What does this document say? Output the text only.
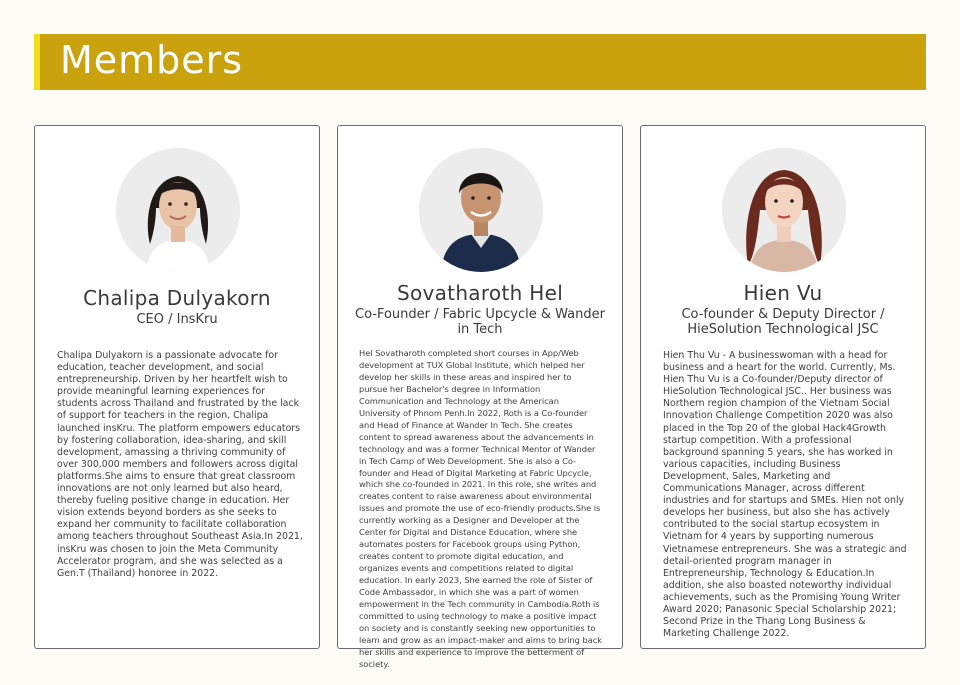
Members
Chalipa Dulyakorn
CEO / InsKru
Chalipa Dulyakorn is a passionate advocate for education, teacher development, and social entrepreneurship. Driven by her heartfelt wish to provide meaningful learning experiences for students across Thailand and frustrated by the lack of support for teachers in the region, Chalipa launched insKru. The platform empowers educators by fostering collaboration, idea-sharing, and skill development, amassing a thriving community of over 300,000 members and followers across digital platforms.She aims to ensure that great classroom innovations are not only learned but also heard, thereby fueling positive change in education. Her vision extends beyond borders as she seeks to expand her community to facilitate collaboration among teachers throughout Southeast Asia.In 2021, insKru was chosen to join the Meta Community Accelerator program, and she was selected as a Gen.T (Thailand) honoree in 2022.
Sovatharoth Hel
Co-Founder / Fabric Upcycle & Wander in Tech
Hel Sovatharoth completed short courses in App/Web development at TUX Global Institute, which helped her develop her skills in these areas and inspired her to pursue her Bachelor's degree in Information Communication and Technology at the American University of Phnom Penh.In 2022, Roth is a Co-founder and Head of Finance at Wander In Tech. She creates content to spread awareness about the advancements in technology and was a former Technical Mentor of Wander in Tech Camp of Web Development. She is also a Co-founder and Head of Digital Marketing at Fabric Upcycle, which she co-founded in 2021. In this role, she writes and creates content to raise awareness about environmental issues and promote the use of eco-friendly products.She is currently working as a Designer and Developer at the Center for Digital and Distance Education, where she automates posters for Facebook groups using Python, creates content to promote digital education, and organizes events and competitions related to digital education. In early 2023, She earned the role of Sister of Code Ambassador, in which she was a part of women empowerment in the Tech community in Cambodia.Roth is committed to using technology to make a positive impact on society and is constantly seeking new opportunities to learn and grow as an impact-maker and aims to bring back her skills and experience to improve the betterment of society.
Hien Vu
Co-founder & Deputy Director / HieSolution Technological JSC
Hien Thu Vu - A businesswoman with a head for business and a heart for the world. Currently, Ms. Hien Thu Vu is a Co-founder/Deputy director of HieSolution Technological JSC.. Her business was Northern region champion of the Vietnam Social Innovation Challenge Competition 2020 was also placed in the Top 20 of the global Hack4Growth startup competition. With a professional background spanning 5 years, she has worked in various capacities, including Business Development, Sales, Marketing and Communications Manager, across different industries and for startups and SMEs. Hien not only develops her business, but also she has actively contributed to the social startup ecosystem in Vietnam for 4 years by supporting numerous Vietnamese entrepreneurs. She was a strategic and detail-oriented program manager in Entrepreneurship, Technology & Education.In addition, she also boasted noteworthy individual achievements, such as the Promising Young Writer Award 2020; Panasonic Special Scholarship 2021; Second Prize in the Thang Long Business & Marketing Challenge 2022.
